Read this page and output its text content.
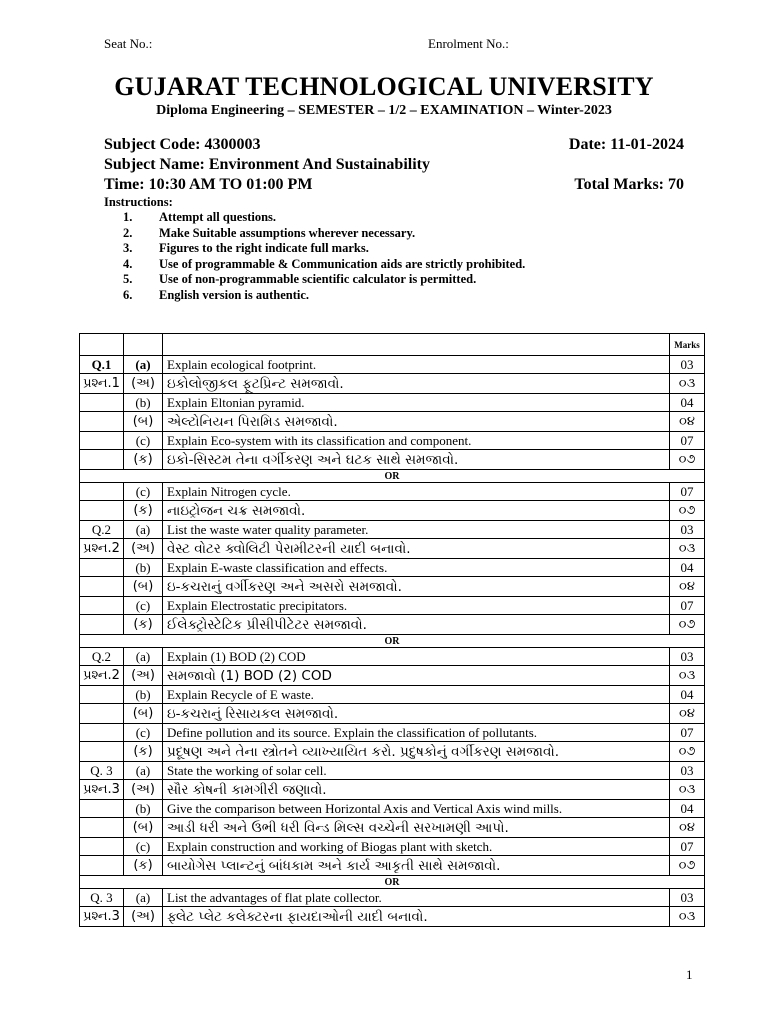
Seat No.:	Enrolment No.:
GUJARAT TECHNOLOGICAL UNIVERSITY
Diploma Engineering – SEMESTER – 1/2 – EXAMINATION – Winter-2023
Subject Code: 4300003	Date: 11-01-2024
Subject Name: Environment And Sustainability
Time: 10:30 AM TO 01:00 PM	Total Marks: 70
Instructions:
1. Attempt all questions.
2. Make Suitable assumptions wherever necessary.
3. Figures to the right indicate full marks.
4. Use of programmable & Communication aids are strictly prohibited.
5. Use of non-programmable scientific calculator is permitted.
6. English version is authentic.
			Marks
Q.1	(a)	Explain ecological footprint.	03
પ્રશ્ન.1	(અ)	ઇકોલોજીકલ ફૂટપ્રિન્ટ સમજાવો.	૦૩
	(b)	Explain Eltonian pyramid.	04
	(બ)	એલ્ટોનિયન પિરામિડ સમજાવો.	૦૪
	(c)	Explain Eco-system with its classification and component.	07
	(ક)	ઇકો-સિસ્ટમ તેના વર્ગીકરણ અને ઘટક સાથે સમજાવો.	૦૭
OR			
	(c)	Explain Nitrogen cycle.	07
	(ક)	નાઇટ્રોજન ચક્ર સમજાવો.	૦૭
Q.2	(a)	List the waste water quality parameter.	03
પ્રશ્ન.2	(અ)	વેસ્ટ વોટર ક્વોલિટી પેરામીટરની યાદી બનાવો.	૦૩
	(b)	Explain E-waste classification and effects.	04
	(બ)	ઇ-કચરાનું વર્ગીકરણ અને અસરો સમજાવો.	૦૪
	(c)	Explain Electrostatic precipitators.	07
	(ક)	ઈલેક્ટ્રોસ્ટેટિક પ્રીસીપીટેટર સમજાવો.	૦૭
OR			
Q.2	(a)	Explain (1) BOD (2) COD	03
પ્રશ્ન.2	(અ)	સમજાવો (1) BOD (2) COD	૦૩
	(b)	Explain Recycle of E waste.	04
	(બ)	ઇ-કચરાનું રિસાયકલ સમજાવો.	૦૪
	(c)	Define pollution and its source. Explain the classification of pollutants.	07
	(ક)	પ્રદૂષણ અને તેના સ્ત્રોતને વ્યાખ્યાયિત કરો. પ્રદુષકોનું વર્ગીકરણ સમજાવો.	૦૭
Q. 3	(a)	State the working of solar cell.	03
પ્રશ્ન.3	(અ)	સૌર કોષની કામગીરી જણાવો.	૦૩
	(b)	Give the comparison between Horizontal Axis and Vertical Axis wind mills.	04
	(બ)	આડી ધરી અને ઉભી ધરી વિન્ડ મિલ્સ વચ્ચેની સરખામણી આપો.	૦૪
	(c)	Explain construction and working of Biogas plant with sketch.	07
	(ક)	બાયોગેસ પ્લાન્ટનું બાંધકામ અને કાર્ય આકૃતી સાથે સમજાવો.	૦૭
OR			
Q. 3	(a)	List the advantages of flat plate collector.	03
પ્રશ્ન.3	(અ)	ફ્લેટ પ્લેટ કલેક્ટરના ફાયદાઓની યાદી બનાવો.	૦૩
1
